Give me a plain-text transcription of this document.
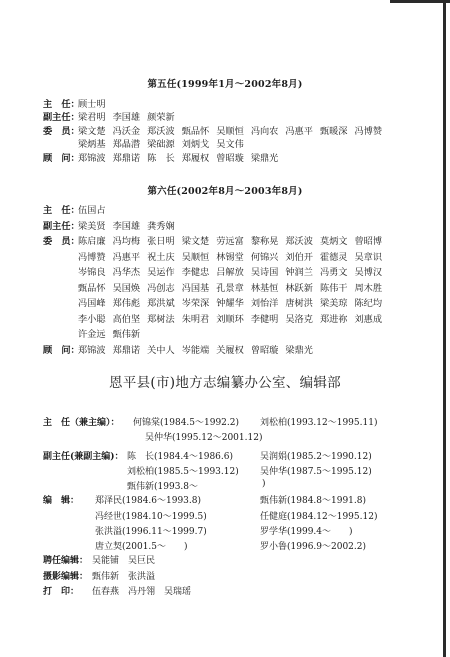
第五任(1999年1月～2002年8月)
主　任：
顾士明
副主任：
梁君明 李国雄 颜荣新
委　员：
梁文楚 冯沃金 郑沃波 甄品怀 吴顺恒 冯向农 冯惠平 甄暖深 冯博赞
梁炳基 郑晶潜 梁础源 刘炳戈 吴文伟
顾　问：
郑锦波 郑鼎诺 陈　长 郑履权 曾昭璇 梁鼎光
第六任(2002年8月～2003年8月)
主　任：
伍国占
副主任：
梁美贤 李国雄 龚秀娴
委　员：
陈启廉 冯均梅 张日明 梁文楚 劳远富 黎称晃 郑沃波 莫炳文 曾昭博
冯博赞 冯惠平 祝土庆 吴顺恒 林锡堂 何锦兴 刘伯开 霍德灵 吴章识
岑锦良 冯华杰 吴运作 李健忠 吕解放 吴诗国 钟润兰 冯勇文 吴博汉
甄品怀 吴国焕 冯创志 冯国基 孔景章 林基恒 林跃新 陈伟干 周木胜
冯国峰 郑伟彪 郑洪斌 岑荣深 钟耀华 刘怡洋 唐树洪 梁美琼 陈纪均
李小聪 高伯坚 郑树法 朱明君 刘顺环 李健明 吴洛克 郑进祢 刘惠成
许金远 甄伟新
顾　问：
郑锦波 郑鼎诺 关中人 岑能端 关履权 曾昭璇 梁鼎光
恩平县(市)地方志编纂办公室、编辑部
主　任（兼主编）： 何锦棠(1984.5～1992.2) 刘松柏(1993.12～1995.11)
吴仲华(1995.12～2001.12)
副主任(兼副主编)： 陈　长(1984.4～1986.6)	吴润娟(1985.2～1990.12)
刘松柏(1985.5～1993.12) 吴仲华(1987.5～1995.12)
甄伟新(1993.8～	)
编　辑： 郑泽民(1984.6～1993.8)	甄伟新(1984.8～1991.8)
冯经世(1984.10～1999.5)	任健庭(1984.12～1995.12)
张洪溢(1996.11～1999.7)	罗学华(1999.4～　　)
唐立契(2001.5～　　)	罗小鲁(1996.9～2002.2)
聘任编辑： 吴能铺　吴巨民
摄影编辑： 甄伟新　张洪溢
打　印： 伍春燕　冯丹翎　吴瑞瑶
